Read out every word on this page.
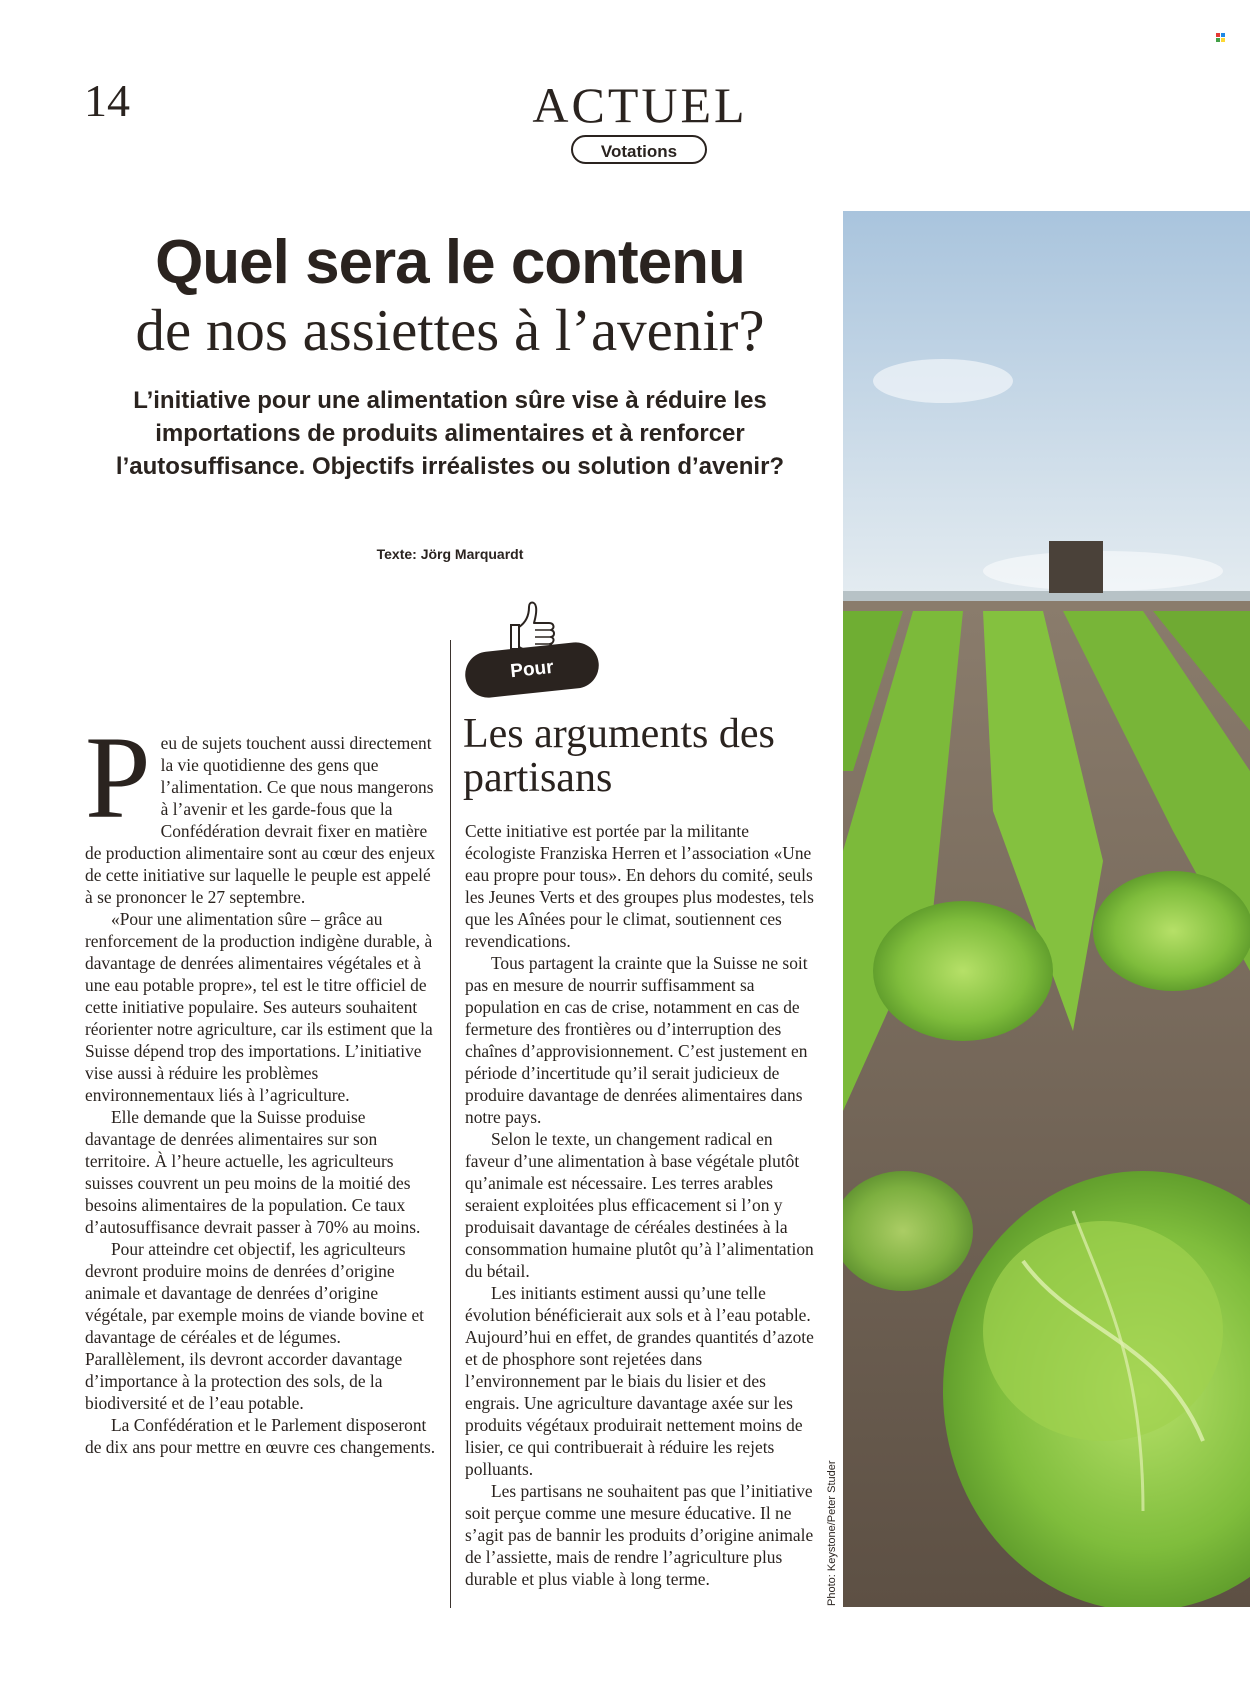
14	ACTUEL
Votations
Quel sera le contenu
de nos assiettes à l’avenir?
L’initiative pour une alimentation sûre vise à réduire les importations de produits alimentaires et à renforcer l’autosuffisance. Objectifs irréalistes ou solution d’avenir?
Texte: Jörg Marquardt
P eu de sujets touchent aussi directement la vie quotidienne des gens que l’alimentation. Ce que nous mangerons à l’avenir et les garde-fous que la Confédération devrait fixer en matière de production alimentaire sont au cœur des enjeux de cette initiative sur laquelle le peuple est appelé à se prononcer le 27 septembre.

«Pour une alimentation sûre – grâce au renforcement de la production indigène durable, à davantage de denrées alimentaires végétales et à une eau potable propre», tel est le titre officiel de cette initiative populaire. Ses auteurs souhaitent réorienter notre agriculture, car ils estiment que la Suisse dépend trop des importations. L’initiative vise aussi à réduire les problèmes environnementaux liés à l’agriculture.

Elle demande que la Suisse produise davantage de denrées alimentaires sur son territoire. À l’heure actuelle, les agriculteurs suisses couvrent un peu moins de la moitié des besoins alimentaires de la population. Ce taux d’autosuffisance devrait passer à 70% au moins.

Pour atteindre cet objectif, les agriculteurs devront produire moins de denrées d’origine animale et davantage de denrées d’origine végétale, par exemple moins de viande bovine et davantage de céréales et de légumes. Parallèlement, ils devront accorder davantage d’importance à la protection des sols, de la biodiversité et de l’eau potable.

La Confédération et le Parlement disposeront de dix ans pour mettre en œuvre ces changements.

Pour
Les arguments des partisans

Cette initiative est portée par la militante écologiste Franziska Herren et l’association «Une eau propre pour tous». En dehors du comité, seuls les Jeunes Verts et des groupes plus modestes, tels que les Aînées pour le climat, soutiennent ces revendications.

Tous partagent la crainte que la Suisse ne soit pas en mesure de nourrir suffisamment sa population en cas de crise, notamment en cas de fermeture des frontières ou d’interruption des chaînes d’approvisionnement. C’est justement en période d’incertitude qu’il serait judicieux de produire davantage de denrées alimentaires dans notre pays.

Selon le texte, un changement radical en faveur d’une alimentation à base végétale plutôt qu’animale est nécessaire. Les terres arables seraient exploitées plus efficacement si l’on y produisait davantage de céréales destinées à la consommation humaine plutôt qu’à l’alimentation du bétail.

Les initiants estiment aussi qu’une telle évolution bénéficierait aux sols et à l’eau potable. Aujourd’hui en effet, de grandes quantités d’azote et de phosphore sont rejetées dans l’environnement par le biais du lisier et des engrais. Une agriculture davantage axée sur les produits végétaux produirait nettement moins de lisier, ce qui contribuerait à réduire les rejets polluants.

Les partisans ne souhaitent pas que l’initiative soit perçue comme une mesure éducative. Il ne s’agit pas de bannir les produits d’origine animale de l’assiette, mais de rendre l’agriculture plus durable et plus viable à long terme.	Photo: Keystone/Peter Studer
